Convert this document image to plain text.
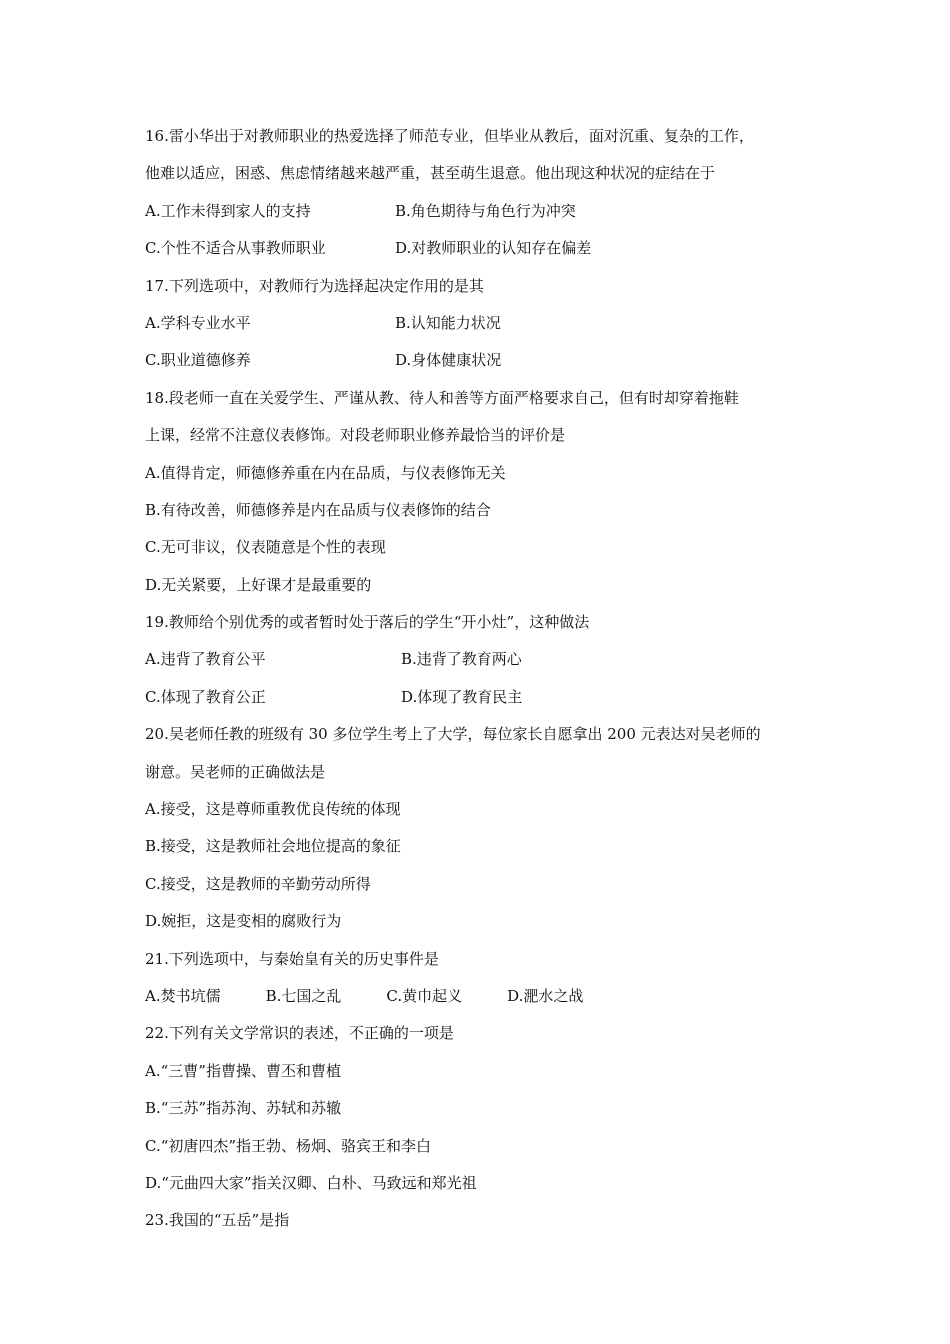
16.雷小华出于对教师职业的热爱选择了师范专业，但毕业从教后，面对沉重、复杂的工作，
他难以适应，困惑、焦虑情绪越来越严重，甚至萌生退意。他出现这种状况的症结在于
A.工作未得到家人的支持	B.角色期待与角色行为冲突
C.个性不适合从事教师职业	D.对教师职业的认知存在偏差
17.下列选项中，对教师行为选择起决定作用的是其
A.学科专业水平	B.认知能力状况
C.职业道德修养	D.身体健康状况
18.段老师一直在关爱学生、严谨从教、待人和善等方面严格要求自己，但有时却穿着拖鞋
上课，经常不注意仪表修饰。对段老师职业修养最恰当的评价是
A.值得肯定，师德修养重在内在品质，与仪表修饰无关
B.有待改善，师德修养是内在品质与仪表修饰的结合
C.无可非议，仪表随意是个性的表现
D.无关紧要，上好课才是最重要的
19.教师给个别优秀的或者暂时处于落后的学生“开小灶”，这种做法
A.违背了教育公平	B.违背了教育两心
C.体现了教育公正	D.体现了教育民主
20.吴老师任教的班级有 30 多位学生考上了大学，每位家长自愿拿出 200 元表达对吴老师的
谢意。吴老师的正确做法是
A.接受，这是尊师重教优良传统的体现
B.接受，这是教师社会地位提高的象征
C.接受，这是教师的辛勤劳动所得
D.婉拒，这是变相的腐败行为
21.下列选项中，与秦始皇有关的历史事件是
A.焚书坑儒	B.七国之乱	C.黄巾起义	D.淝水之战
22.下列有关文学常识的表述，不正确的一项是
A.“三曹”指曹操、曹丕和曹植
B.“三苏”指苏洵、苏轼和苏辙
C.“初唐四杰”指王勃、杨炯、骆宾王和李白
D.“元曲四大家”指关汉卿、白朴、马致远和郑光祖
23.我国的“五岳”是指
